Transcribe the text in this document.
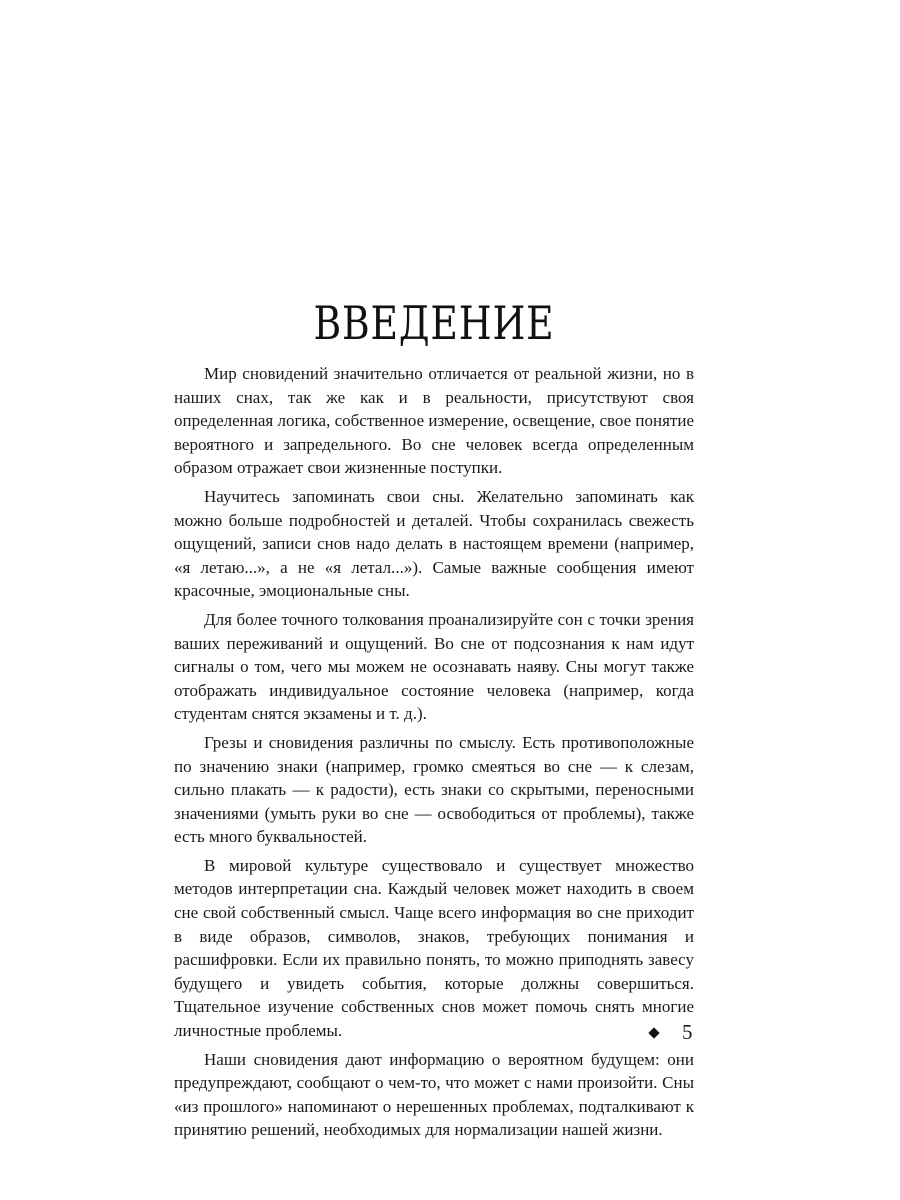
ВВЕДЕНИЕ

Мир сновидений значительно отличается от реальной жизни, но в наших снах, так же как и в реальности, присутствуют своя определенная логика, собственное измерение, освещение, свое понятие вероятного и запредельного. Во сне человек всегда определенным образом отражает свои жизненные поступки.

Научитесь запоминать свои сны. Желательно запоминать как можно больше подробностей и деталей. Чтобы сохранилась свежесть ощущений, записи снов надо делать в настоящем времени (например, «я летаю...», а не «я летал...»). Самые важные сообщения имеют красочные, эмоциональные сны.

Для более точного толкования проанализируйте сон с точки зрения ваших переживаний и ощущений. Во сне от подсознания к нам идут сигналы о том, чего мы можем не осознавать наяву. Сны могут также отображать индивидуальное состояние человека (например, когда студентам снятся экзамены и т. д.).

Грезы и сновидения различны по смыслу. Есть противоположные по значению знаки (например, громко смеяться во сне — к слезам, сильно плакать — к радости), есть знаки со скрытыми, переносными значениями (умыть руки во сне — освободиться от проблемы), также есть много буквальностей.

В мировой культуре существовало и существует множество методов интерпретации сна. Каждый человек может находить в своем сне свой собственный смысл. Чаще всего информация во сне приходит в виде образов, символов, знаков, требующих понимания и расшифровки. Если их правильно понять, то можно приподнять завесу будущего и увидеть события, которые должны совершиться. Тщательное изучение собственных снов может помочь снять многие личностные проблемы.

Наши сновидения дают информацию о вероятном будущем: они предупреждают, сообщают о чем-то, что может с нами произойти. Сны «из прошлого» напоминают о нерешенных проблемах, подталкивают к принятию решений, необходимых для нормализации нашей жизни.

5
